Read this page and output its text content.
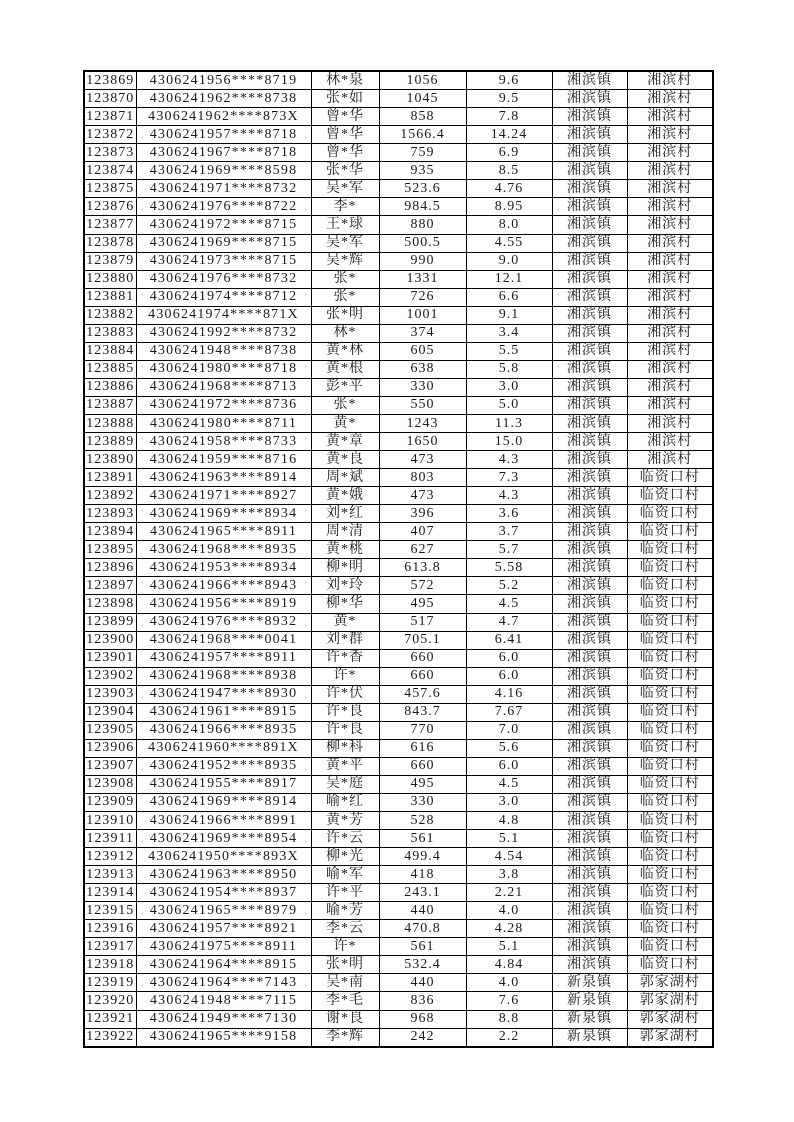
123869	4306241956****8719	林*泉	1056	9.6	湘滨镇	湘滨村
123870	4306241962****8738	张*如	1045	9.5	湘滨镇	湘滨村
123871	4306241962****873X	曾*华	858	7.8	湘滨镇	湘滨村
123872	4306241957****8718	曾*华	1566.4	14.24	湘滨镇	湘滨村
123873	4306241967****8718	曾*华	759	6.9	湘滨镇	湘滨村
123874	4306241969****8598	张*华	935	8.5	湘滨镇	湘滨村
123875	4306241971****8732	吴*军	523.6	4.76	湘滨镇	湘滨村
123876	4306241976****8722	李*	984.5	8.95	湘滨镇	湘滨村
123877	4306241972****8715	王*球	880	8.0	湘滨镇	湘滨村
123878	4306241969****8715	吴*军	500.5	4.55	湘滨镇	湘滨村
123879	4306241973****8715	吴*辉	990	9.0	湘滨镇	湘滨村
123880	4306241976****8732	张*	1331	12.1	湘滨镇	湘滨村
123881	4306241974****8712	张*	726	6.6	湘滨镇	湘滨村
123882	4306241974****871X	张*明	1001	9.1	湘滨镇	湘滨村
123883	4306241992****8732	林*	374	3.4	湘滨镇	湘滨村
123884	4306241948****8738	黄*林	605	5.5	湘滨镇	湘滨村
123885	4306241980****8718	黄*根	638	5.8	湘滨镇	湘滨村
123886	4306241968****8713	彭*平	330	3.0	湘滨镇	湘滨村
123887	4306241972****8736	张*	550	5.0	湘滨镇	湘滨村
123888	4306241980****8711	黄*	1243	11.3	湘滨镇	湘滨村
123889	4306241958****8733	黄*章	1650	15.0	湘滨镇	湘滨村
123890	4306241959****8716	黄*良	473	4.3	湘滨镇	湘滨村
123891	4306241963****8914	周*斌	803	7.3	湘滨镇	临资口村
123892	4306241971****8927	黄*娥	473	4.3	湘滨镇	临资口村
123893	4306241969****8934	刘*红	396	3.6	湘滨镇	临资口村
123894	4306241965****8911	周*清	407	3.7	湘滨镇	临资口村
123895	4306241968****8935	黄*桃	627	5.7	湘滨镇	临资口村
123896	4306241953****8934	柳*明	613.8	5.58	湘滨镇	临资口村
123897	4306241966****8943	刘*玲	572	5.2	湘滨镇	临资口村
123898	4306241956****8919	柳*华	495	4.5	湘滨镇	临资口村
123899	4306241976****8932	黄*	517	4.7	湘滨镇	临资口村
123900	4306241968****0041	刘*群	705.1	6.41	湘滨镇	临资口村
123901	4306241957****8911	许*香	660	6.0	湘滨镇	临资口村
123902	4306241968****8938	许*	660	6.0	湘滨镇	临资口村
123903	4306241947****8930	许*伏	457.6	4.16	湘滨镇	临资口村
123904	4306241961****8915	许*良	843.7	7.67	湘滨镇	临资口村
123905	4306241966****8935	许*良	770	7.0	湘滨镇	临资口村
123906	4306241960****891X	柳*科	616	5.6	湘滨镇	临资口村
123907	4306241952****8935	黄*平	660	6.0	湘滨镇	临资口村
123908	4306241955****8917	吴*庭	495	4.5	湘滨镇	临资口村
123909	4306241969****8914	喻*红	330	3.0	湘滨镇	临资口村
123910	4306241966****8991	黄*芳	528	4.8	湘滨镇	临资口村
123911	4306241969****8954	许*云	561	5.1	湘滨镇	临资口村
123912	4306241950****893X	柳*光	499.4	4.54	湘滨镇	临资口村
123913	4306241963****8950	喻*军	418	3.8	湘滨镇	临资口村
123914	4306241954****8937	许*平	243.1	2.21	湘滨镇	临资口村
123915	4306241965****8979	喻*芳	440	4.0	湘滨镇	临资口村
123916	4306241957****8921	李*云	470.8	4.28	湘滨镇	临资口村
123917	4306241975****8911	许*	561	5.1	湘滨镇	临资口村
123918	4306241964****8915	张*明	532.4	4.84	湘滨镇	临资口村
123919	4306241964****7143	吴*南	440	4.0	新泉镇	郭家湖村
123920	4306241948****7115	李*毛	836	7.6	新泉镇	郭家湖村
123921	4306241949****7130	谢*良	968	8.8	新泉镇	郭家湖村
123922	4306241965****9158	李*辉	242	2.2	新泉镇	郭家湖村
